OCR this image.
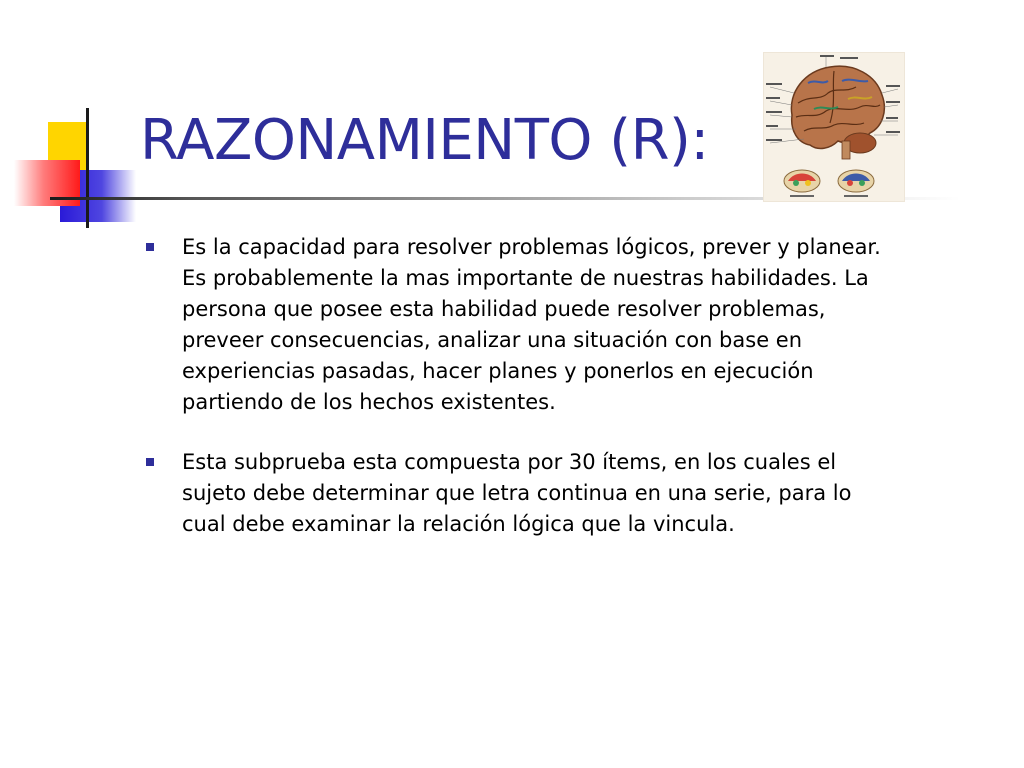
RAZONAMIENTO (R):
Es la capacidad para resolver problemas lógicos, prever y planear. Es probablemente la mas importante de nuestras habilidades. La persona que posee esta habilidad puede resolver problemas, preveer consecuencias, analizar una situación con base en experiencias pasadas, hacer planes y ponerlos en ejecución partiendo de los hechos existentes.
Esta subprueba esta compuesta por 30 ítems, en los cuales el sujeto debe determinar que letra continua en una serie, para lo cual debe examinar la relación lógica que la vincula.
